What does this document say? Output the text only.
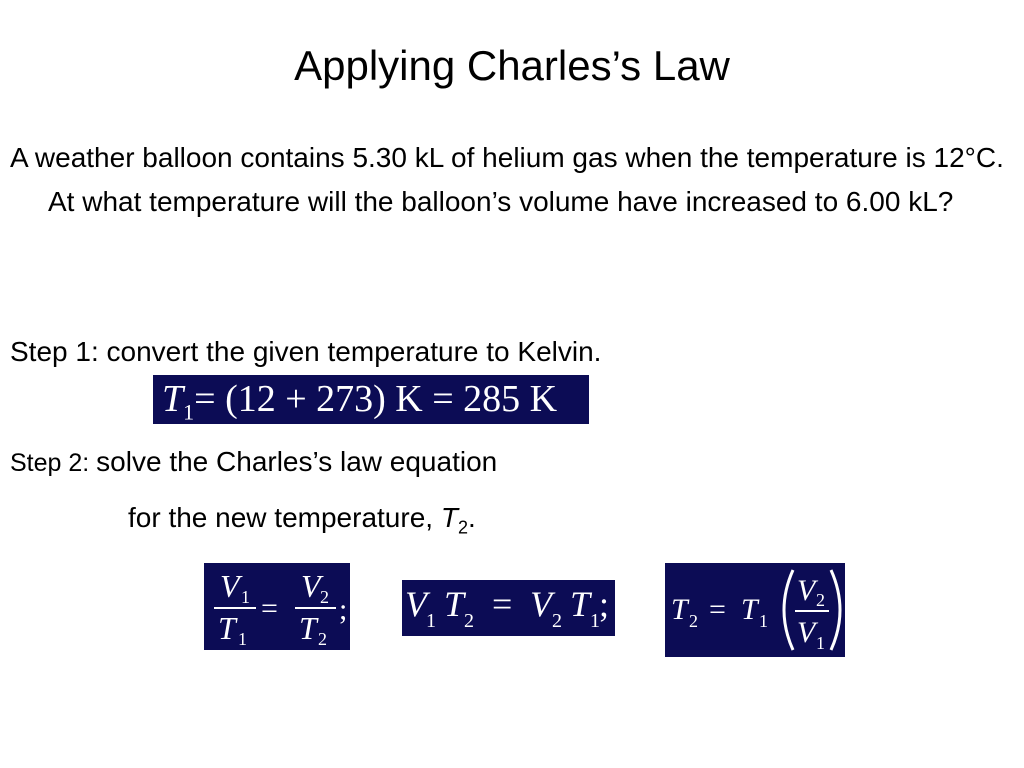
Applying Charles’s Law
A weather balloon contains 5.30 kL of helium gas when the temperature is 12°C. At what temperature will the balloon’s volume have increased to 6.00 kL?
Step 1: convert the given temperature to Kelvin.
$T_1= (12 + 273) K = 285$ K
Step 2: solve the Charles’s law equation
for the new temperature, $T_2$.
V 1
T 1
=
V 2
T 2
; V 1 T 2 = V 2 T 1 ; T 2 = T 1
V 2
V 1
